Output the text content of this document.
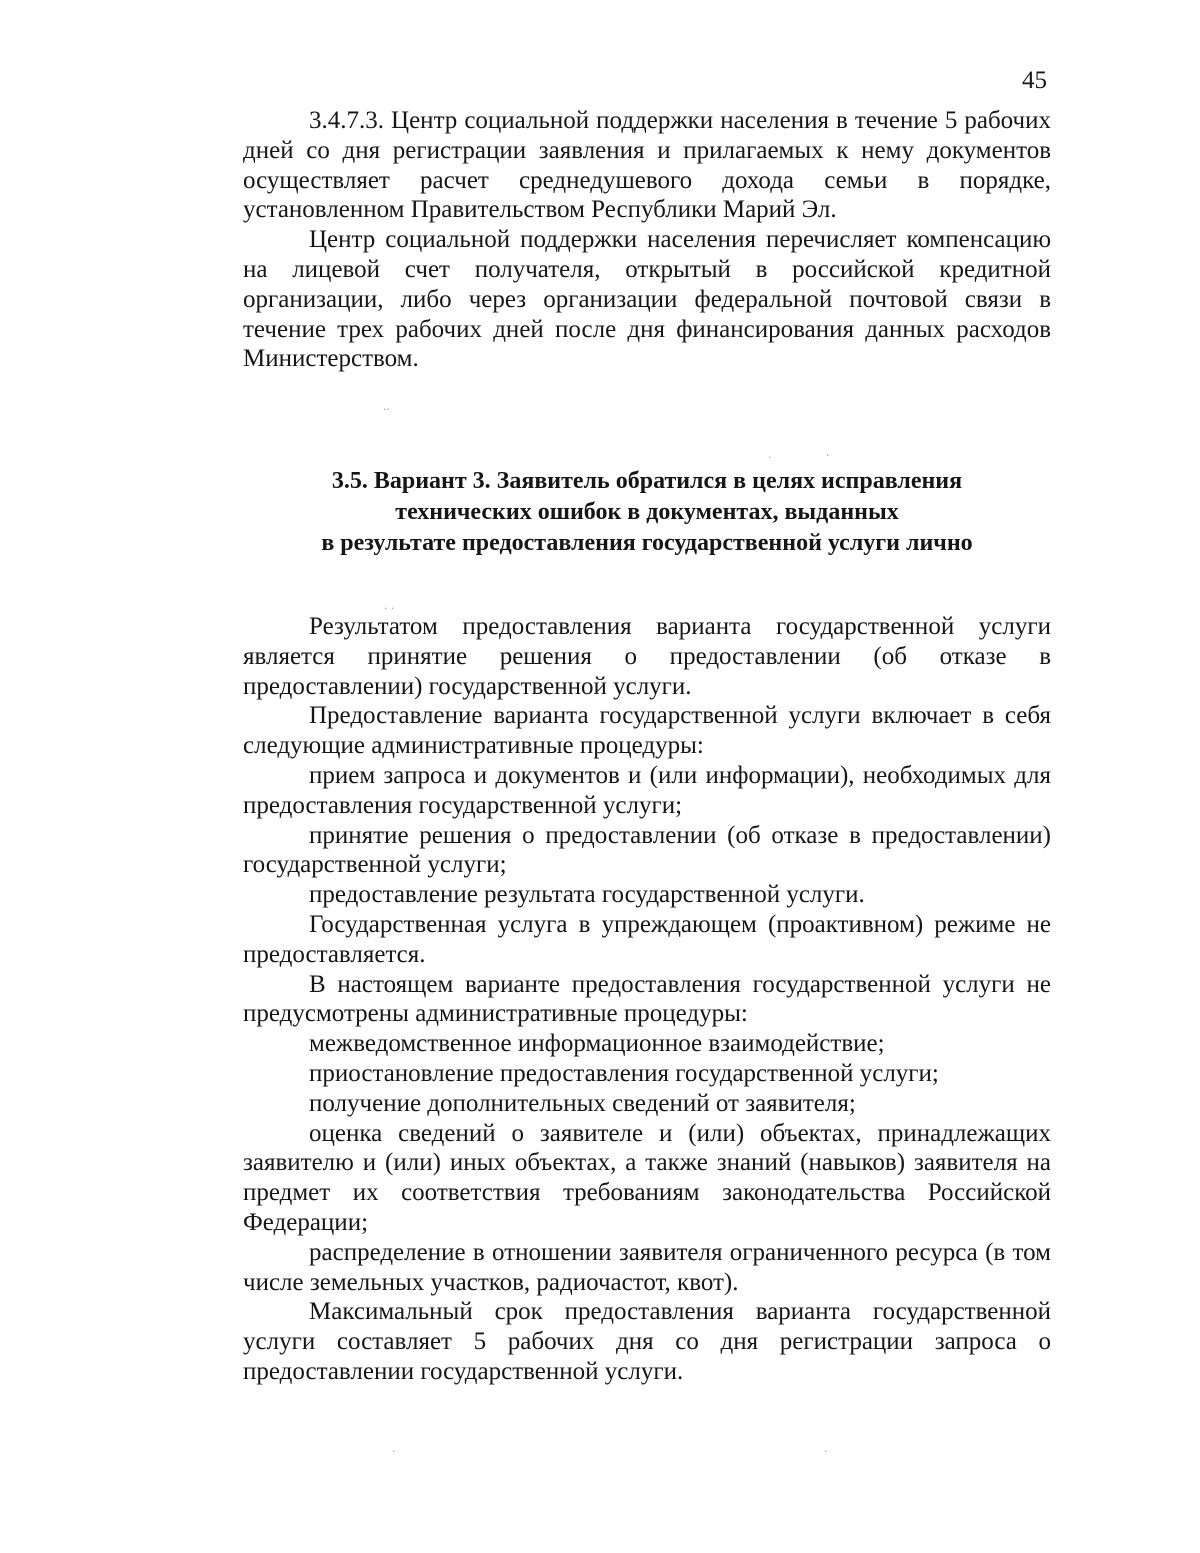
45

3.4.7.3. Центр социальной поддержки населения в течение 5 рабочих дней со дня регистрации заявления и прилагаемых к нему документов осуществляет расчет среднедушевого дохода семьи в порядке, установленном Правительством Республики Марий Эл.

Центр социальной поддержки населения перечисляет компенсацию на лицевой счет получателя, открытый в российской кредитной организации, либо через организации федеральной почтовой связи в течение трех рабочих дней после дня финансирования данных расходов Министерством.

3.5. Вариант 3. Заявитель обратился в целях исправления
технических ошибок в документах, выданных
в результате предоставления государственной услуги лично

Результатом предоставления варианта государственной услуги является принятие решения о предоставлении (об отказе в предоставлении) государственной услуги.

Предоставление варианта государственной услуги включает в себя следующие административные процедуры:

прием запроса и документов и (или информации), необходимых для предоставления государственной услуги;

принятие решения о предоставлении (об отказе в предоставлении) государственной услуги;

предоставление результата государственной услуги.

Государственная услуга в упреждающем (проактивном) режиме не предоставляется.

В настоящем варианте предоставления государственной услуги не предусмотрены административные процедуры:

межведомственное информационное взаимодействие;

приостановление предоставления государственной услуги;

получение дополнительных сведений от заявителя;

оценка сведений о заявителе и (или) объектах, принадлежащих заявителю и (или) иных объектах, а также знаний (навыков) заявителя на предмет их соответствия требованиям законодательства Российской Федерации;

распределение в отношении заявителя ограниченного ресурса (в том числе земельных участков, радиочастот, квот).

Максимальный срок предоставления варианта государственной услуги составляет 5 рабочих дня со дня регистрации запроса о предоставлении государственной услуги.

·⋅
·	·
· ·
·	·
